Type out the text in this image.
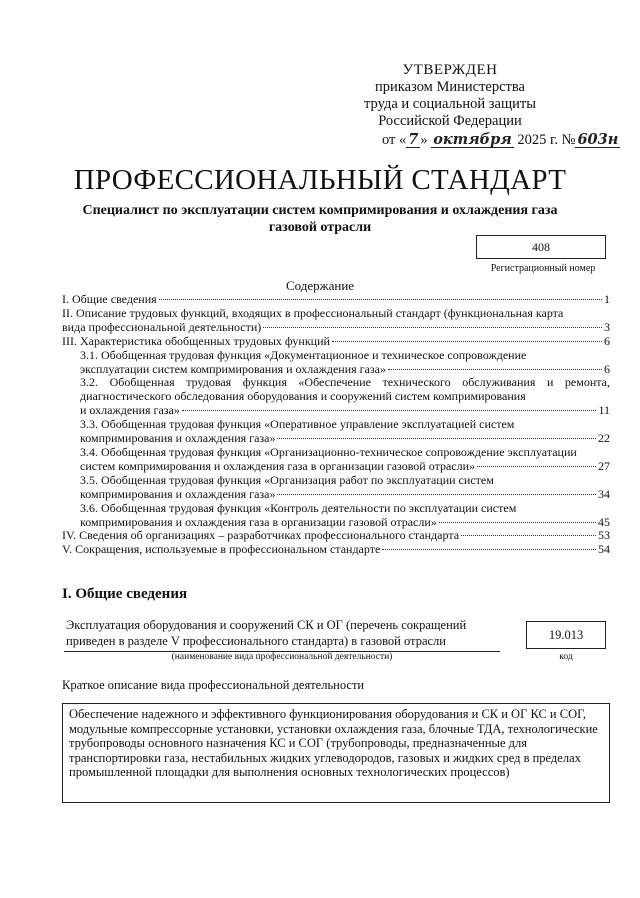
УТВЕРЖДЕН
приказом Министерства
труда и социальной защиты
Российской Федерации
от « 7 » октября 2025 г. № 603н
ПРОФЕССИОНАЛЬНЫЙ СТАНДАРТ
Специалист по эксплуатации систем компримирования и охлаждения газа
газовой отрасли
408
Регистрационный номер
Содержание
I. Общие сведения	1
II. Описание трудовых функций, входящих в профессиональный стандарт (функциональная карта
вида профессиональной деятельности)	3
III. Характеристика обобщенных трудовых функций	6
3.1. Обобщенная трудовая функция «Документационное и техническое сопровождение
эксплуатации систем компримирования и охлаждения газа»	6
3.2. Обобщенная трудовая функция «Обеспечение технического обслуживания и ремонта, диагностического обследования оборудования и сооружений систем компримирования
и охлаждения газа»	11
3.3. Обобщенная трудовая функция «Оперативное управление эксплуатацией систем
компримирования и охлаждения газа»	22
3.4. Обобщенная трудовая функция «Организационно-техническое сопровождение эксплуатации
систем компримирования и охлаждения газа в организации газовой отрасли»	27
3.5. Обобщенная трудовая функция «Организация работ по эксплуатации систем
компримирования и охлаждения газа»	34
3.6. Обобщенная трудовая функция «Контроль деятельности по эксплуатации систем
компримирования и охлаждения газа в организации газовой отрасли»	45
IV. Сведения об организациях – разработчиках профессионального стандарта	53
V. Сокращения, используемые в профессиональном стандарте	54
I. Общие сведения
Эксплуатация оборудования и сооружений СК и ОГ (перечень сокращений
приведен в разделе V профессионального стандарта) в газовой отрасли
(наименование вида профессиональной деятельности)
19.013
код
Краткое описание вида профессиональной деятельности
Обеспечение надежного и эффективного функционирования оборудования и СК и ОГ КС и СОГ, модульные компрессорные установки, установки охлаждения газа, блочные ТДА, технологические трубопроводы основного назначения КС и СОГ (трубопроводы, предназначенные для транспортировки газа, нестабильных жидких углеводородов, газовых и жидких сред в пределах промышленной площадки для выполнения основных технологических процессов)
